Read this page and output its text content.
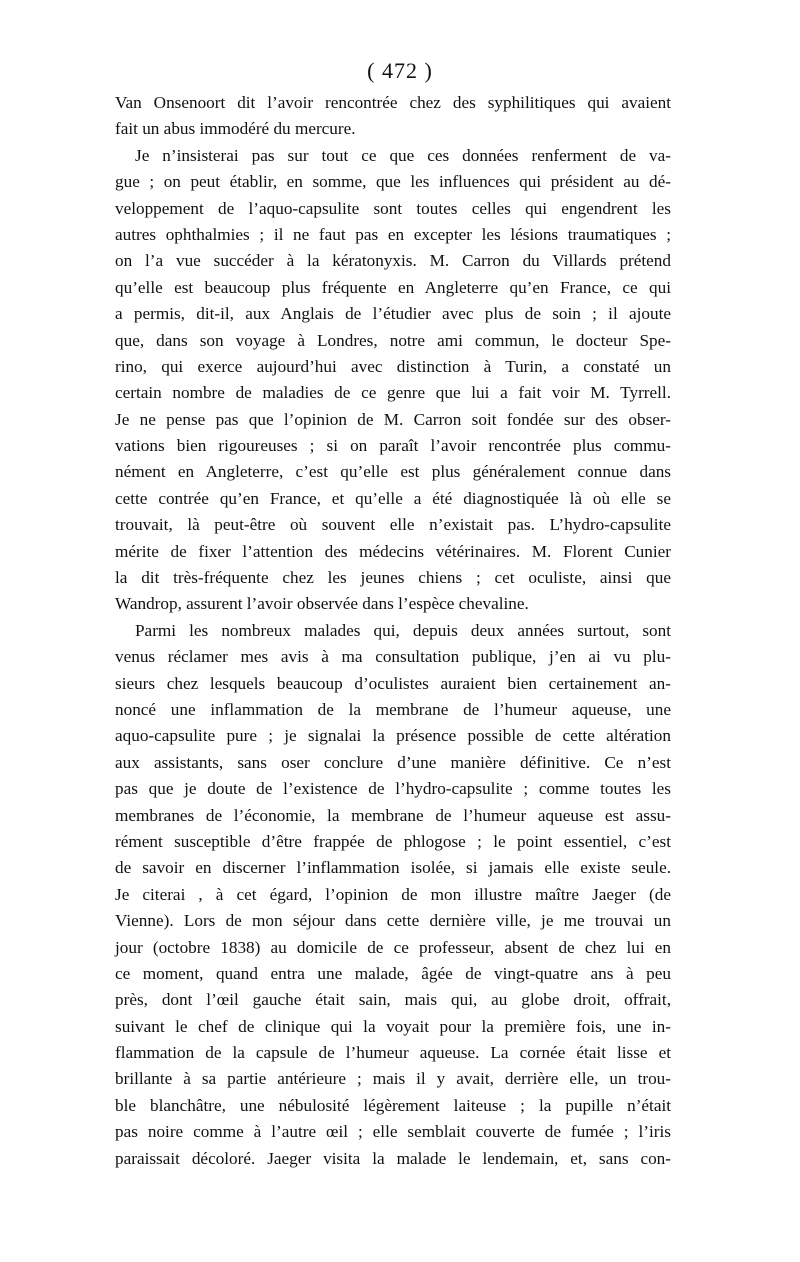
( 472 )
Van Onsenoort dit l’avoir rencontrée chez des syphilitiques qui avaient
fait un abus immodéré du mercure.
Je n’insisterai pas sur tout ce que ces données renferment de va-
gue ; on peut établir, en somme, que les influences qui président au dé-
veloppement de l’aquo-capsulite sont toutes celles qui engendrent les
autres ophthalmies ; il ne faut pas en excepter les lésions traumatiques ;
on l’a vue succéder à la kératonyxis. M. Carron du Villards prétend
qu’elle est beaucoup plus fréquente en Angleterre qu’en France, ce qui
a permis, dit-il, aux Anglais de l’étudier avec plus de soin ; il ajoute
que, dans son voyage à Londres, notre ami commun, le docteur Spe-
rino, qui exerce aujourd’hui avec distinction à Turin, a constaté un
certain nombre de maladies de ce genre que lui a fait voir M. Tyrrell.
Je ne pense pas que l’opinion de M. Carron soit fondée sur des obser-
vations bien rigoureuses ; si on paraît l’avoir rencontrée plus commu-
nément en Angleterre, c’est qu’elle est plus généralement connue dans
cette contrée qu’en France, et qu’elle a été diagnostiquée là où elle se
trouvait, là peut-être où souvent elle n’existait pas. L’hydro-capsulite
mérite de fixer l’attention des médecins vétérinaires. M. Florent Cunier
la dit très-fréquente chez les jeunes chiens ; cet oculiste, ainsi que
Wandrop, assurent l’avoir observée dans l’espèce chevaline.
Parmi les nombreux malades qui, depuis deux années surtout, sont
venus réclamer mes avis à ma consultation publique, j’en ai vu plu-
sieurs chez lesquels beaucoup d’oculistes auraient bien certainement an-
noncé une inflammation de la membrane de l’humeur aqueuse, une
aquo-capsulite pure ; je signalai la présence possible de cette altération
aux assistants, sans oser conclure d’une manière définitive. Ce n’est
pas que je doute de l’existence de l’hydro-capsulite ; comme toutes les
membranes de l’économie, la membrane de l’humeur aqueuse est assu-
rément susceptible d’être frappée de phlogose ; le point essentiel, c’est
de savoir en discerner l’inflammation isolée, si jamais elle existe seule.
Je citerai , à cet égard, l’opinion de mon illustre maître Jaeger (de
Vienne). Lors de mon séjour dans cette dernière ville, je me trouvai un
jour (octobre 1838) au domicile de ce professeur, absent de chez lui en
ce moment, quand entra une malade, âgée de vingt-quatre ans à peu
près, dont l’œil gauche était sain, mais qui, au globe droit, offrait,
suivant le chef de clinique qui la voyait pour la première fois, une in-
flammation de la capsule de l’humeur aqueuse. La cornée était lisse et
brillante à sa partie antérieure ; mais il y avait, derrière elle, un trou-
ble blanchâtre, une nébulosité légèrement laiteuse ; la pupille n’était
pas noire comme à l’autre œil ; elle semblait couverte de fumée ; l’iris
paraissait décoloré. Jaeger visita la malade le lendemain, et, sans con-
